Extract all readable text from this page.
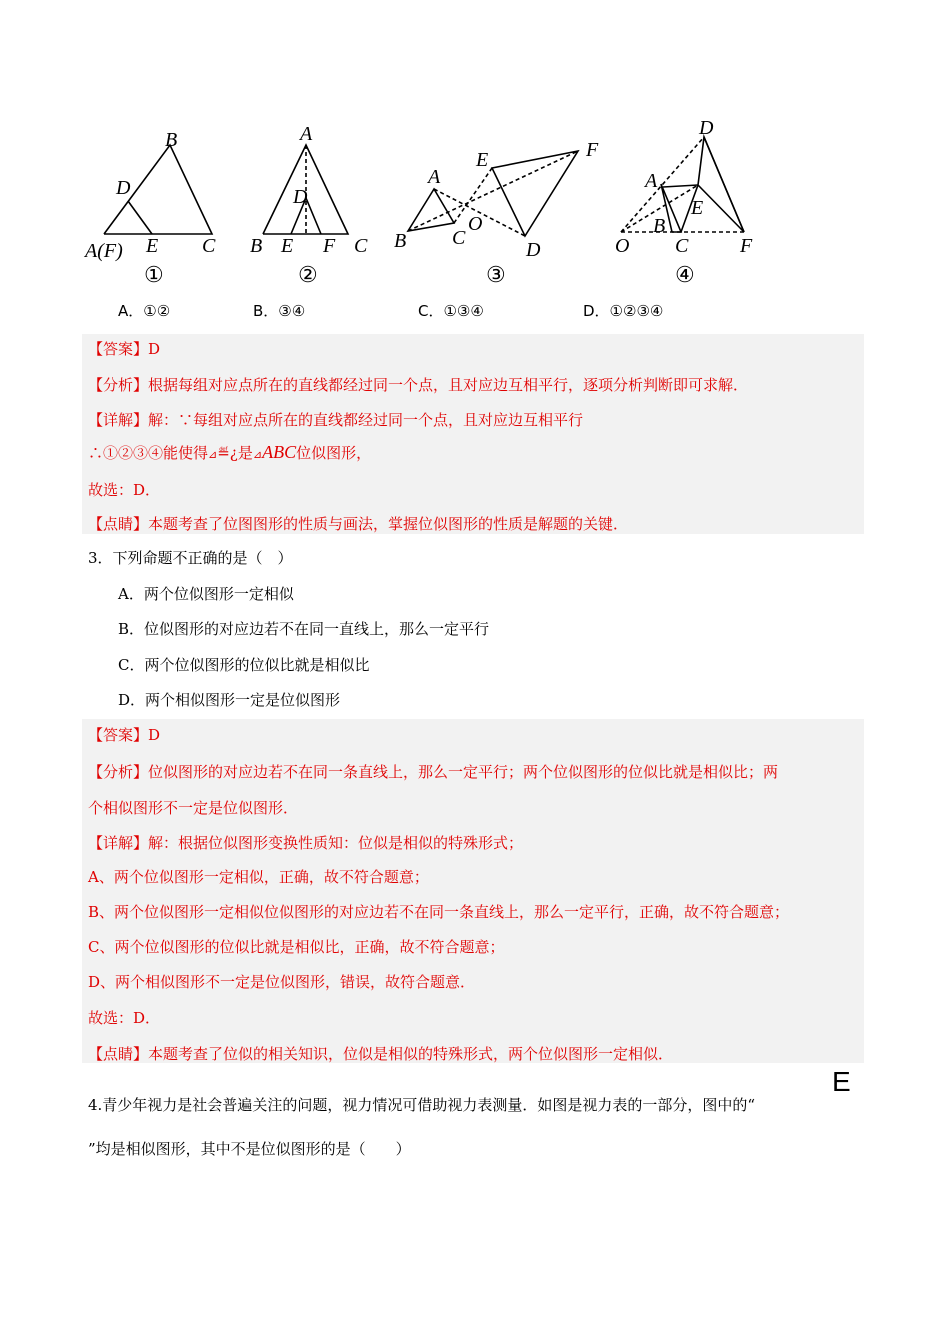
B
D
A(F) E C
①
A
D
B E F C
②
A
E	F
O
B C
D
③
D
A
E
B
O C	F
④
A．①②	B．③④	C．①③④	D．①②③④
【答案】D
【分析】根据每组对应点所在的直线都经过同一个点，且对应边互相平行，逐项分析判断即可求解．
【详解】解：∵每组对应点所在的直线都经过同一个点，且对应边互相平行
∴①②③④能使得⊿≝¿是⊿ABC位似图形，
故选：D．
【点睛】本题考查了位图图形的性质与画法，掌握位似图形的性质是解题的关键．
3．下列命题不正确的是（　）
A．两个位似图形一定相似
B．位似图形的对应边若不在同一直线上，那么一定平行
C．两个位似图形的位似比就是相似比
D．两个相似图形一定是位似图形
【答案】D
【分析】位似图形的对应边若不在同一条直线上，那么一定平行；两个位似图形的位似比就是相似比；两
个相似图形不一定是位似图形．
【详解】解：根据位似图形变换性质知：位似是相似的特殊形式；
A、两个位似图形一定相似，正确，故不符合题意；
B、两个位似图形一定相似位似图形的对应边若不在同一条直线上，那么一定平行，正确，故不符合题意；
C、两个位似图形的位似比就是相似比，正确，故不符合题意；
D、两个相似图形不一定是位似图形，错误，故符合题意．
故选：D．
【点睛】本题考查了位似的相关知识，位似是相似的特殊形式，两个位似图形一定相似．
4.青少年视力是社会普遍关注的问题，视力情况可借助视力表测量．如图是视力表的一部分，图中的“
E
”均是相似图形，其中不是位似图形的是（　　）
